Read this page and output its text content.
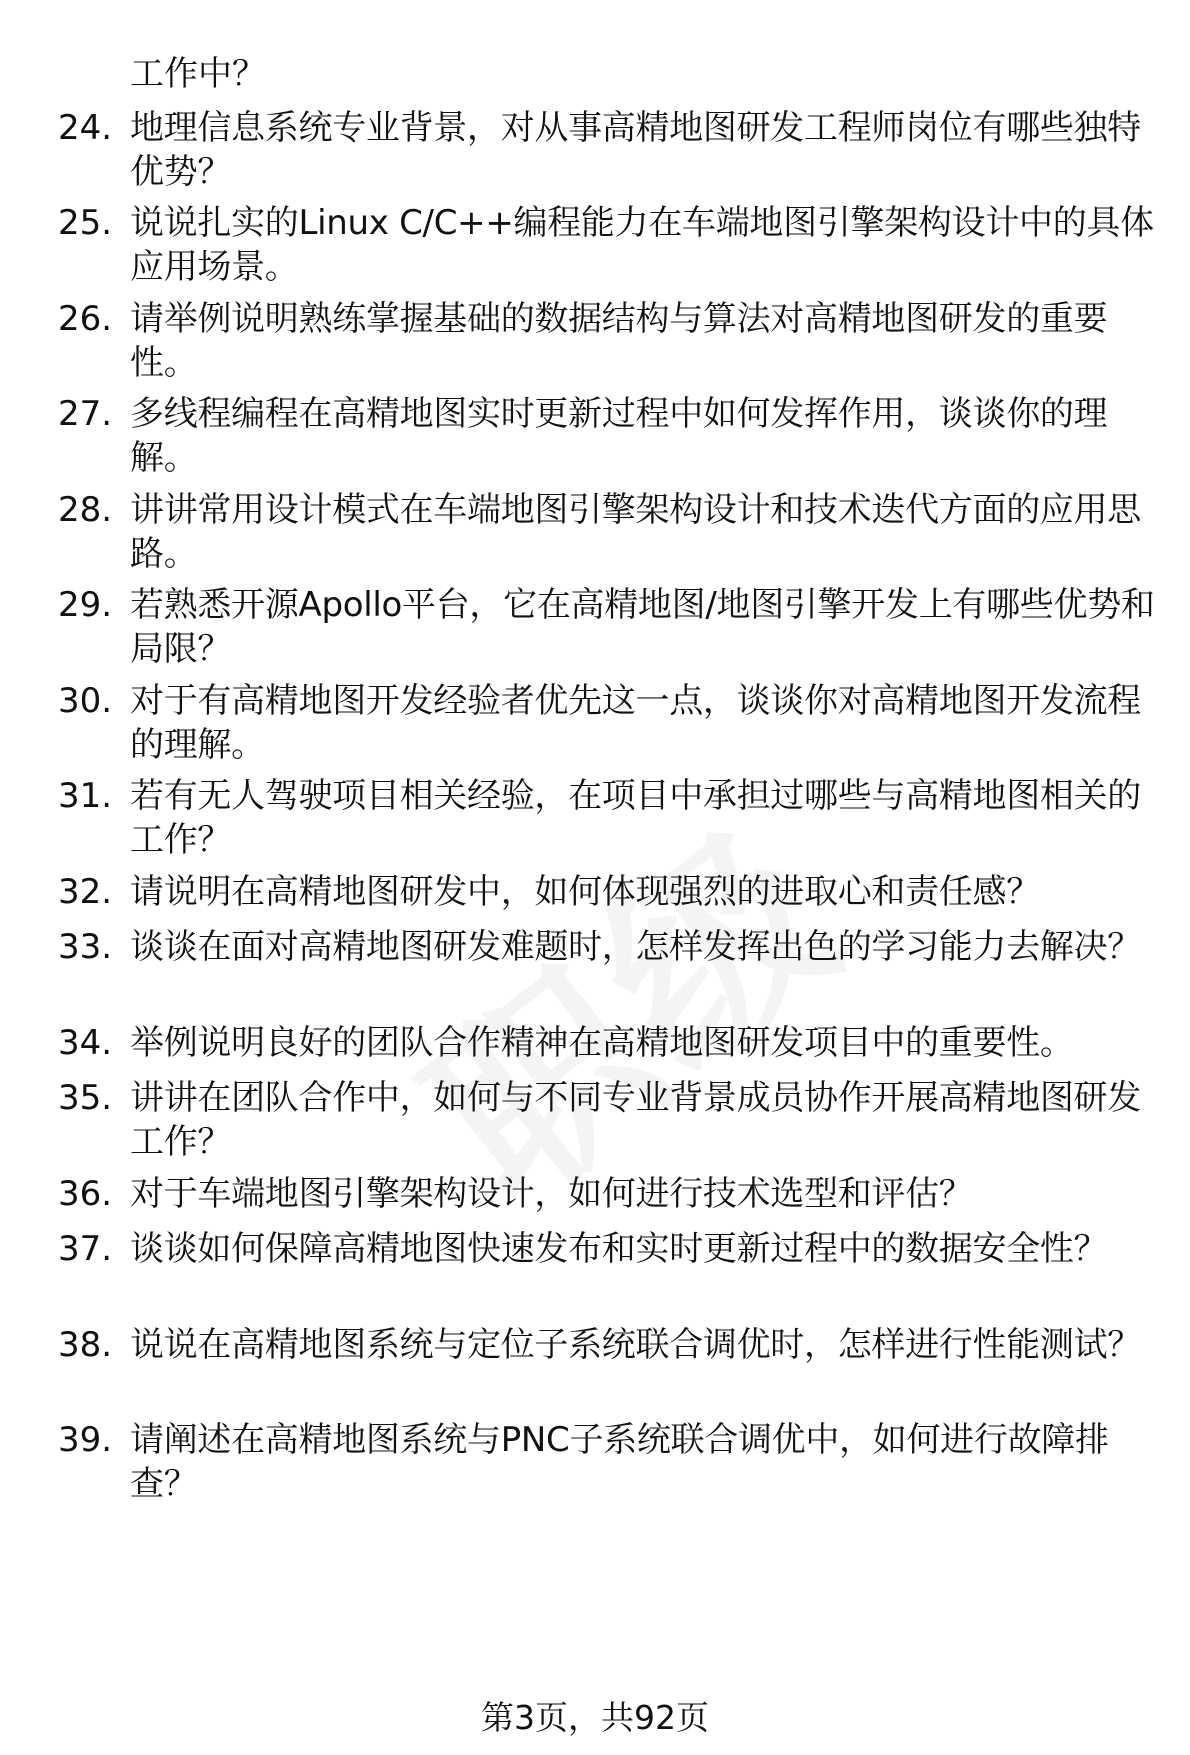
工作中？
24. 地理信息系统专业背景，对从事高精地图研发工程师岗位有哪些独特优势？
25. 说说扎实的Linux C/C++编程能力在车端地图引擎架构设计中的具体应用场景。
26. 请举例说明熟练掌握基础的数据结构与算法对高精地图研发的重要性。
27. 多线程编程在高精地图实时更新过程中如何发挥作用，谈谈你的理解。
28. 讲讲常用设计模式在车端地图引擎架构设计和技术迭代方面的应用思路。
29. 若熟悉开源Apollo平台，它在高精地图/地图引擎开发上有哪些优势和局限？
30. 对于有高精地图开发经验者优先这一点，谈谈你对高精地图开发流程的理解。
31. 若有无人驾驶项目相关经验，在项目中承担过哪些与高精地图相关的工作？
32. 请说明在高精地图研发中，如何体现强烈的进取心和责任感？
33. 谈谈在面对高精地图研发难题时，怎样发挥出色的学习能力去解决？
34. 举例说明良好的团队合作精神在高精地图研发项目中的重要性。
35. 讲讲在团队合作中，如何与不同专业背景成员协作开展高精地图研发工作？
36. 对于车端地图引擎架构设计，如何进行技术选型和评估？
37. 谈谈如何保障高精地图快速发布和实时更新过程中的数据安全性？
38. 说说在高精地图系统与定位子系统联合调优时，怎样进行性能测试？
39. 请阐述在高精地图系统与PNC子系统联合调优中，如何进行故障排查？
第3页，共92页
